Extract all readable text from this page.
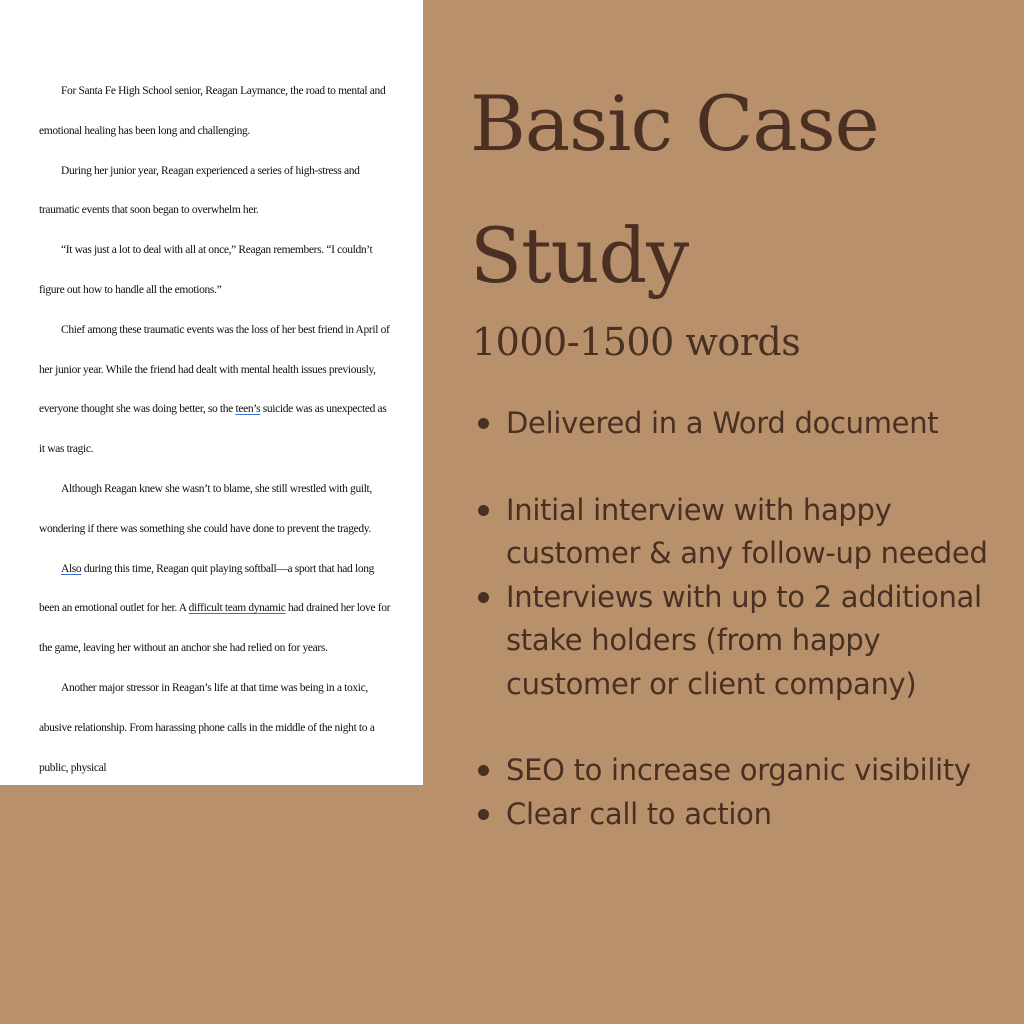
For Santa Fe High School senior, Reagan Laymance, the road to mental and emotional healing has been long and challenging.

During her junior year, Reagan experienced a series of high-stress and traumatic events that soon began to overwhelm her.

“It was just a lot to deal with all at once,” Reagan remembers. “I couldn’t figure out how to handle all the emotions.”

Chief among these traumatic events was the loss of her best friend in April of her junior year. While the friend had dealt with mental health issues previously, everyone thought she was doing better, so the teen’s suicide was as unexpected as it was tragic.

Although Reagan knew she wasn’t to blame, she still wrestled with guilt, wondering if there was something she could have done to prevent the tragedy.

Also during this time, Reagan quit playing softball—a sport that had long been an emotional outlet for her. A difficult team dynamic had drained her love for the game, leaving her without an anchor she had relied on for years.

Another major stressor in Reagan’s life at that time was being in a toxic, abusive relationship. From harassing phone calls in the middle of the night to a public, physical

Basic Case Study
1000-1500 words
Delivered in a Word document
Initial interview with happy customer & any follow-up needed
Interviews with up to 2 additional stake holders (from happy customer or client company)
SEO to increase organic visibility
Clear call to action
